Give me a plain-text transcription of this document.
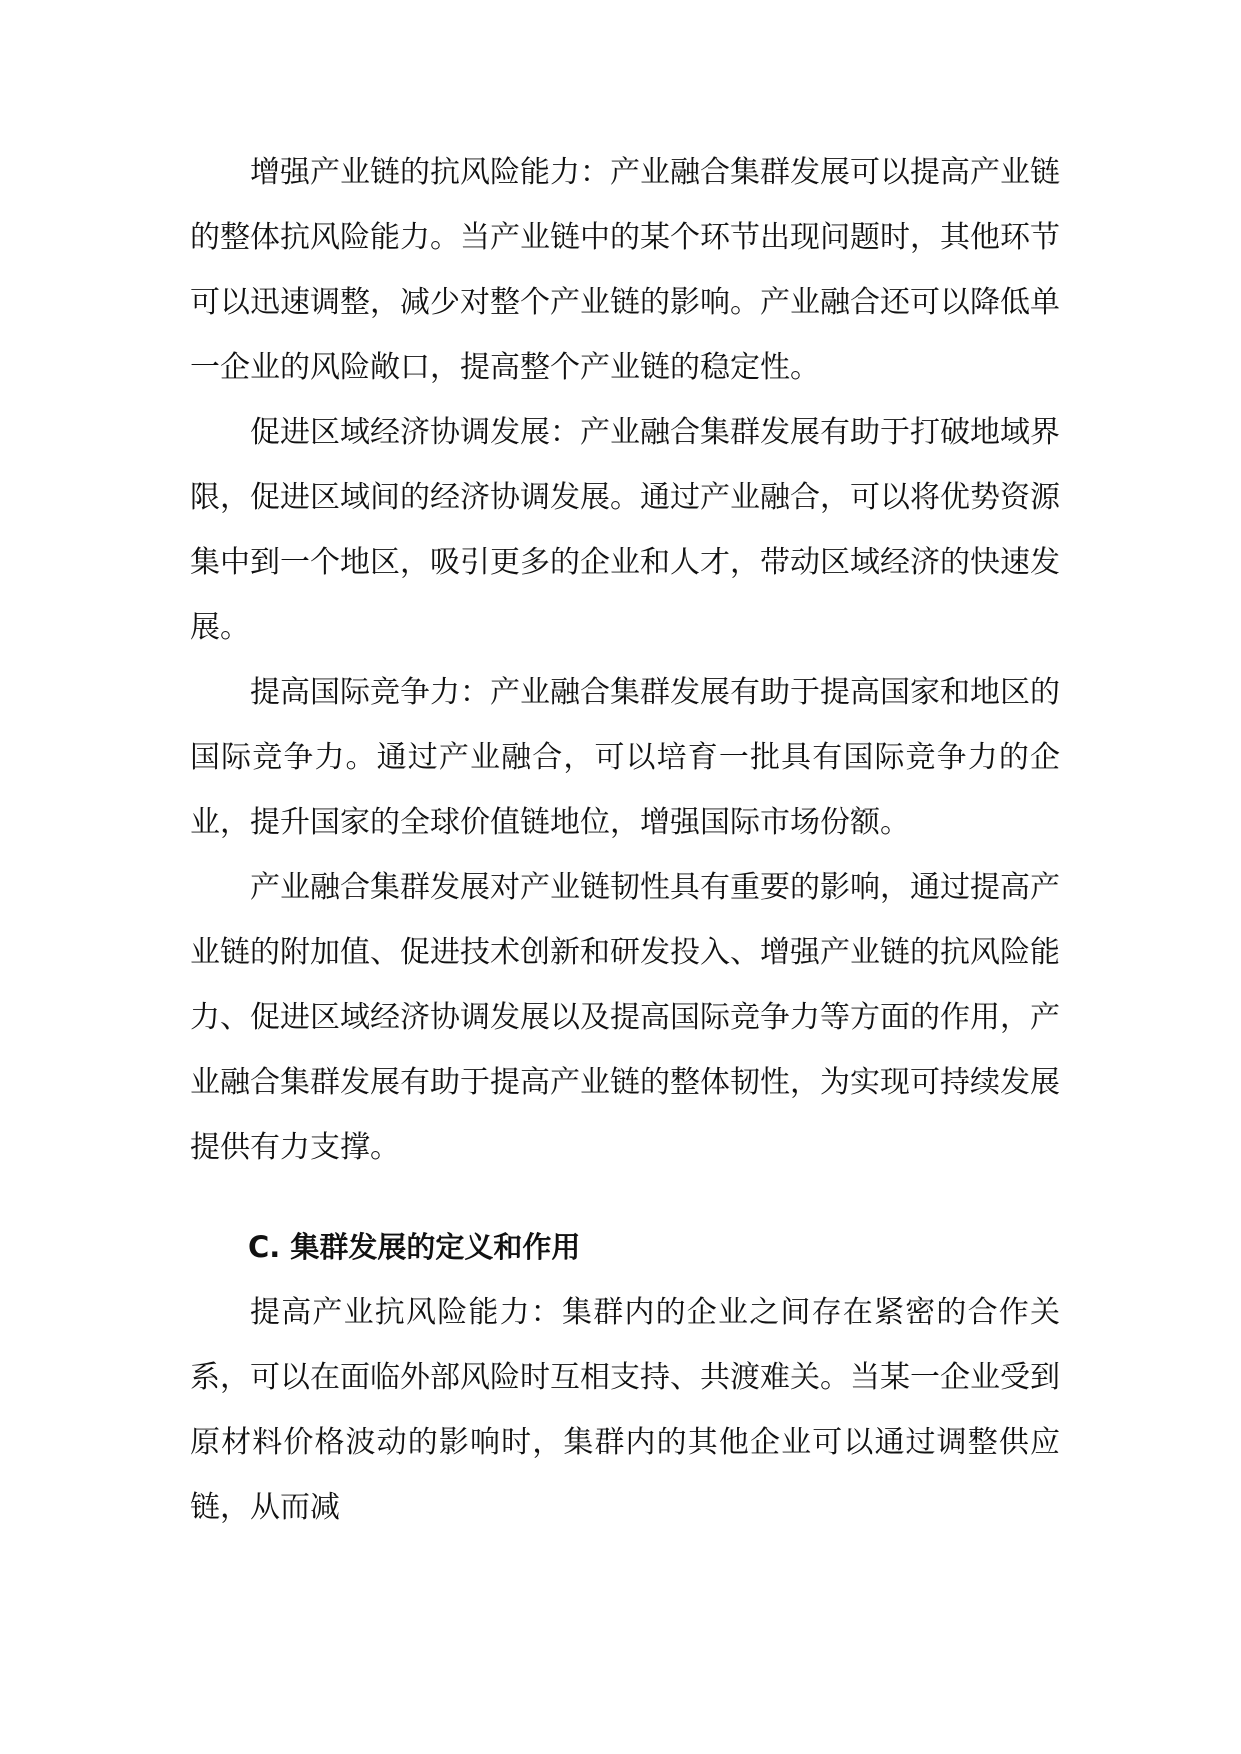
增强产业链的抗风险能力：产业融合集群发展可以提高产业链的整体抗风险能力。当产业链中的某个环节出现问题时，其他环节可以迅速调整，减少对整个产业链的影响。产业融合还可以降低单一企业的风险敞口，提高整个产业链的稳定性。

促进区域经济协调发展：产业融合集群发展有助于打破地域界限，促进区域间的经济协调发展。通过产业融合，可以将优势资源集中到一个地区，吸引更多的企业和人才，带动区域经济的快速发展。

提高国际竞争力：产业融合集群发展有助于提高国家和地区的国际竞争力。通过产业融合，可以培育一批具有国际竞争力的企业，提升国家的全球价值链地位，增强国际市场份额。

产业融合集群发展对产业链韧性具有重要的影响，通过提高产业链的附加值、促进技术创新和研发投入、增强产业链的抗风险能力、促进区域经济协调发展以及提高国际竞争力等方面的作用，产业融合集群发展有助于提高产业链的整体韧性，为实现可持续发展提供有力支撑。

C. 集群发展的定义和作用

提高产业抗风险能力：集群内的企业之间存在紧密的合作关系，可以在面临外部风险时互相支持、共渡难关。当某一企业受到原材料价格波动的影响时，集群内的其他企业可以通过调整供应链，从而减
